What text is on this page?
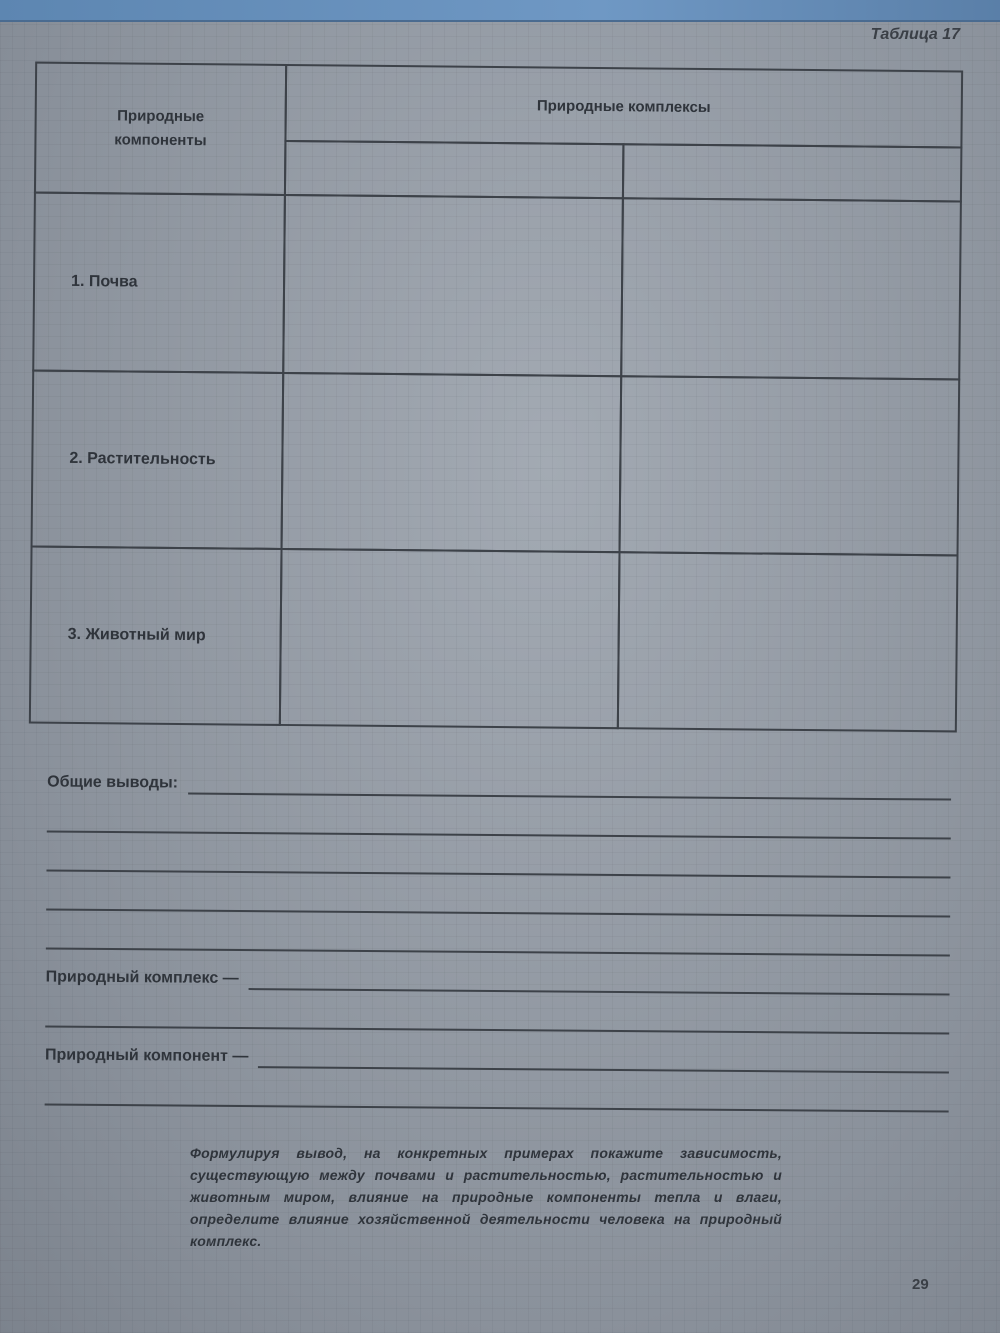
Таблица 17
Природные компоненты
Природные комплексы
1. Почва
2. Растительность
3. Животный мир
Общие выводы:
Природный комплекс —
Природный компонент —
Формулируя вывод, на конкретных примерах покажите зависимость, существующую между почвами и растительностью, растительностью и животным миром, влияние на природные компоненты тепла и влаги, определите влияние хозяйственной деятельности человека на природный комплекс.
29
